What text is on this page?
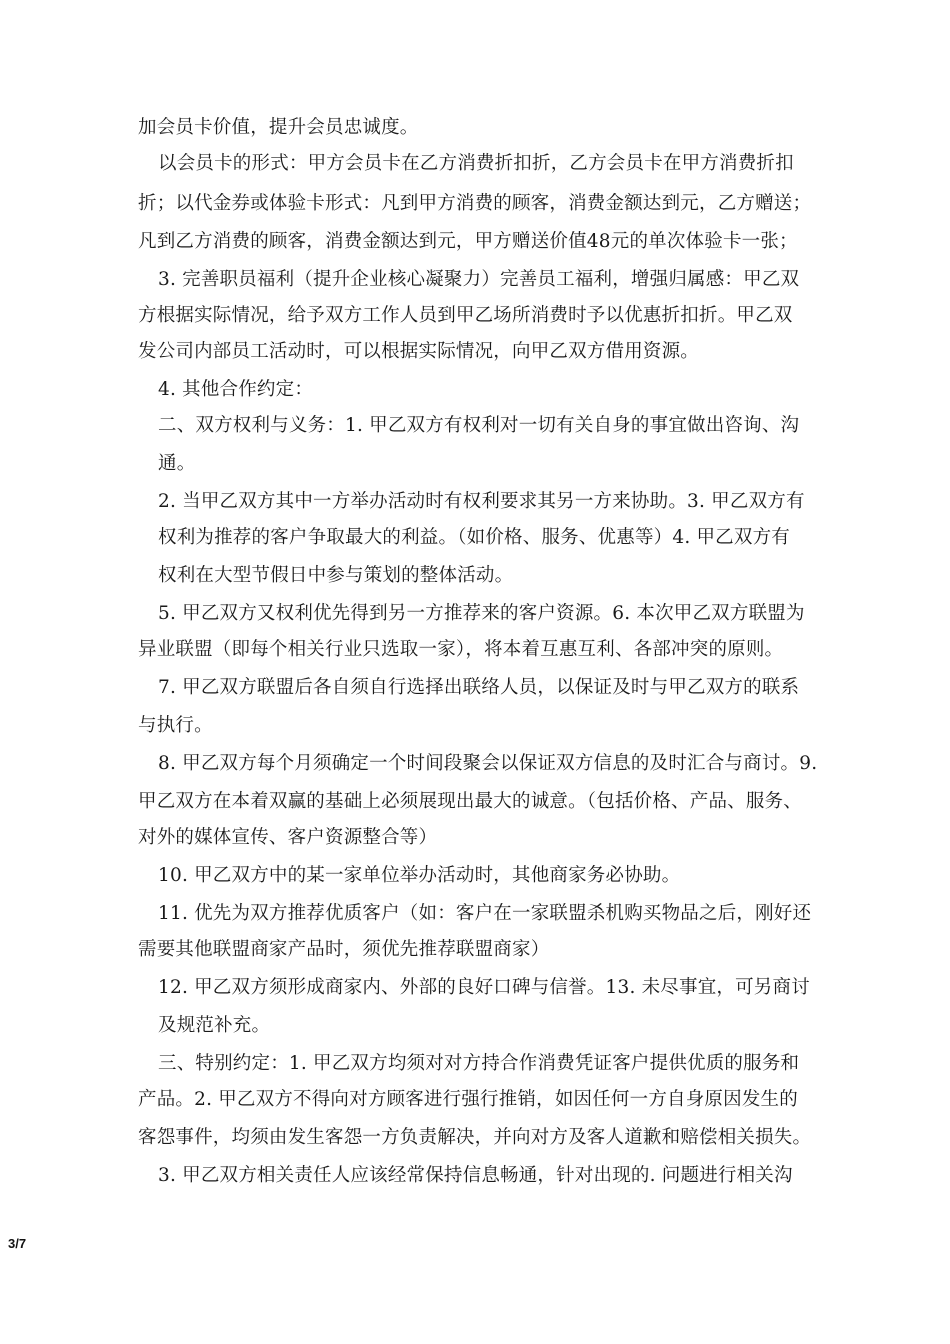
加会员卡价值，提升会员忠诚度。
以会员卡的形式：甲方会员卡在乙方消费折扣折，乙方会员卡在甲方消费折扣
折；以代金券或体验卡形式：凡到甲方消费的顾客，消费金额达到元，乙方赠送；
凡到乙方消费的顾客，消费金额达到元，甲方赠送价值48元的单次体验卡一张；
3. 完善职员福利（提升企业核心凝聚力）完善员工福利，增强归属感：甲乙双
方根据实际情况，给予双方工作人员到甲乙场所消费时予以优惠折扣折。甲乙双
发公司内部员工活动时，可以根据实际情况，向甲乙双方借用资源。
4. 其他合作约定：
二、双方权利与义务：1. 甲乙双方有权利对一切有关自身的事宜做出咨询、沟
通。
2. 当甲乙双方其中一方举办活动时有权利要求其另一方来协助。3. 甲乙双方有
权利为推荐的客户争取最大的利益。（如价格、服务、优惠等）4. 甲乙双方有
权利在大型节假日中参与策划的整体活动。
5. 甲乙双方又权利优先得到另一方推荐来的客户资源。6. 本次甲乙双方联盟为
异业联盟（即每个相关行业只选取一家），将本着互惠互利、各部冲突的原则。
7. 甲乙双方联盟后各自须自行选择出联络人员，以保证及时与甲乙双方的联系
与执行。
8. 甲乙双方每个月须确定一个时间段聚会以保证双方信息的及时汇合与商讨。9.
甲乙双方在本着双赢的基础上必须展现出最大的诚意。（包括价格、产品、服务、
对外的媒体宣传、客户资源整合等）
10. 甲乙双方中的某一家单位举办活动时，其他商家务必协助。
11. 优先为双方推荐优质客户（如：客户在一家联盟杀机购买物品之后，刚好还
需要其他联盟商家产品时，须优先推荐联盟商家）
12. 甲乙双方须形成商家内、外部的良好口碑与信誉。13. 未尽事宜，可另商讨
及规范补充。
三、特别约定：1. 甲乙双方均须对对方持合作消费凭证客户提供优质的服务和
产品。2. 甲乙双方不得向对方顾客进行强行推销，如因任何一方自身原因发生的
客怨事件，均须由发生客怨一方负责解决，并向对方及客人道歉和赔偿相关损失。
3. 甲乙双方相关责任人应该经常保持信息畅通，针对出现的. 问题进行相关沟
3/7
